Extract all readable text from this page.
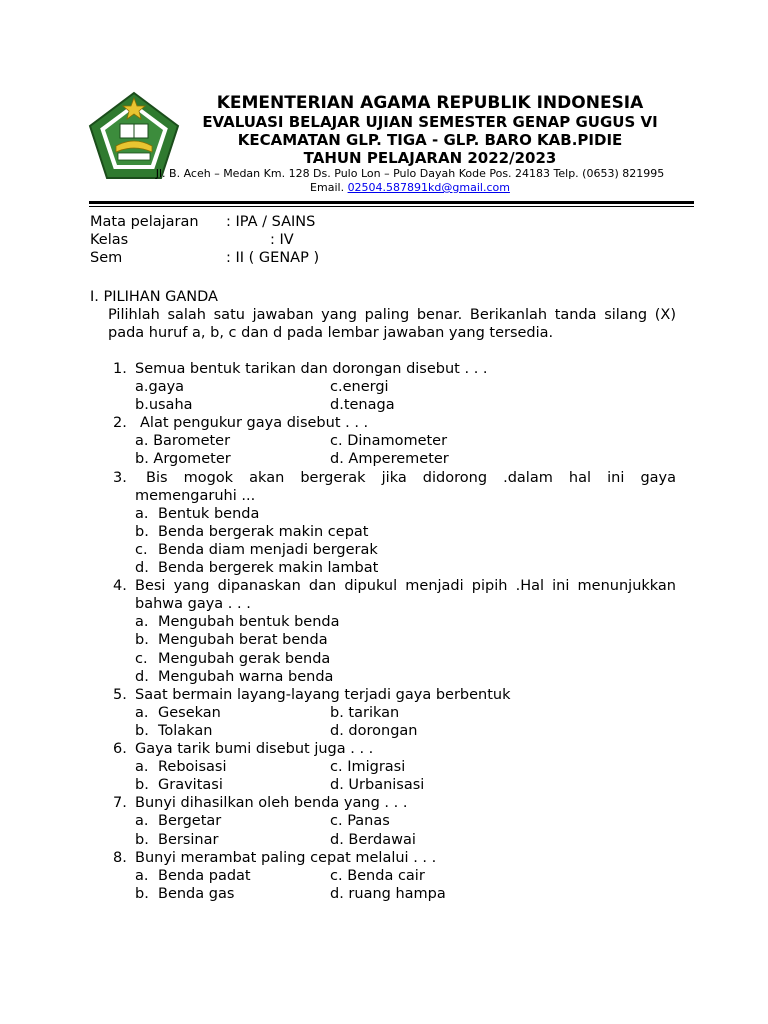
KEMENTERIAN AGAMA REPUBLIK INDONESIA
EVALUASI BELAJAR UJIAN SEMESTER GENAP GUGUS VI
KECAMATAN GLP. TIGA - GLP. BARO KAB.PIDIE
TAHUN PELAJARAN 2022/2023
Jl. B. Aceh – Medan Km. 128 Ds. Pulo Lon – Pulo Dayah Kode Pos. 24183 Telp. (0653) 821995
Email. 02504.587891kd@gmail.com
Mata pelajaran : IPA / SAINS
Kelas	: IV
Sem	: II ( GENAP )
I. PILIHAN GANDA
Pilihlah salah satu jawaban yang paling benar. Berikanlah tanda silang (X)
pada huruf a, b, c dan d pada lembar jawaban yang tersedia.
1. Semua bentuk tarikan dan dorongan disebut . . .
a.gaya	c.energi
b.usaha	d.tenaga
2. Alat pengukur gaya disebut . . .
a. Barometer	c. Dinamometer
b. Argometer	d. Amperemeter
3. Bis mogok akan bergerak jika didorong .dalam hal ini gaya
memengaruhi ...
a. Bentuk benda
b. Benda bergerak makin cepat
c. Benda diam menjadi bergerak
d. Benda bergerek makin lambat
4. Besi yang dipanaskan dan dipukul menjadi pipih .Hal ini menunjukkan
bahwa gaya . . .
a. Mengubah bentuk benda
b. Mengubah berat benda
c. Mengubah gerak benda
d. Mengubah warna benda
5. Saat bermain layang-layang terjadi gaya berbentuk
a. Gesekan	b. tarikan
b. Tolakan	d. dorongan
6. Gaya tarik bumi disebut juga . . .
a. Reboisasi	c. Imigrasi
b. Gravitasi	d. Urbanisasi
7. Bunyi dihasilkan oleh benda yang . . .
a. Bergetar	c. Panas
b. Bersinar	d. Berdawai
8. Bunyi merambat paling cepat melalui . . .
a. Benda padat	c. Benda cair
b. Benda gas	d. ruang hampa
